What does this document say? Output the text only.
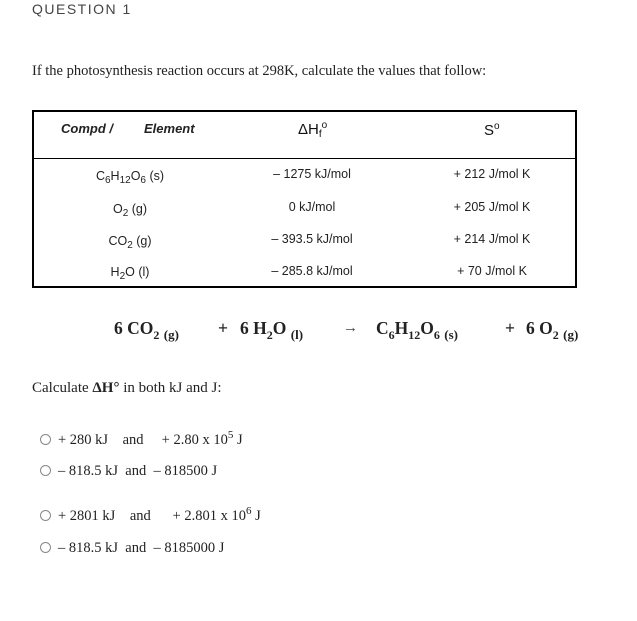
QUESTION 1
If the photosynthesis reaction occurs at 298K, calculate the values that follow:
Compd / Element	$\Delta H_f^o$	$S^o$
$C_6H_{12}O_6$ (s)	– 1275 kJ/mol	+ 212 J/mol K
$O_2$ (g)	0 kJ/mol	+ 205 J/mol K
$CO_2$ (g)	– 393.5 kJ/mol	+ 214 J/mol K
$H_2O$ (l)	– 285.8 kJ/mol	+ 70 J/mol K
6 $CO_2$ $_{(g)}$ + 6 $H_2O$ $_{(l)}$	→ $C_6H_{12}O_6$ $_{(s)}$	+ 6 $O_2$ $_{(g)}$
Calculate ΔH° in both kJ and J:
+ 280 kJ and + 2.80 x $10^5$ J
– 818.5 kJ and – 818500 J
+ 2801 kJ and + 2.801 x $10^6$ J
– 818.5 kJ and – 8185000 J
